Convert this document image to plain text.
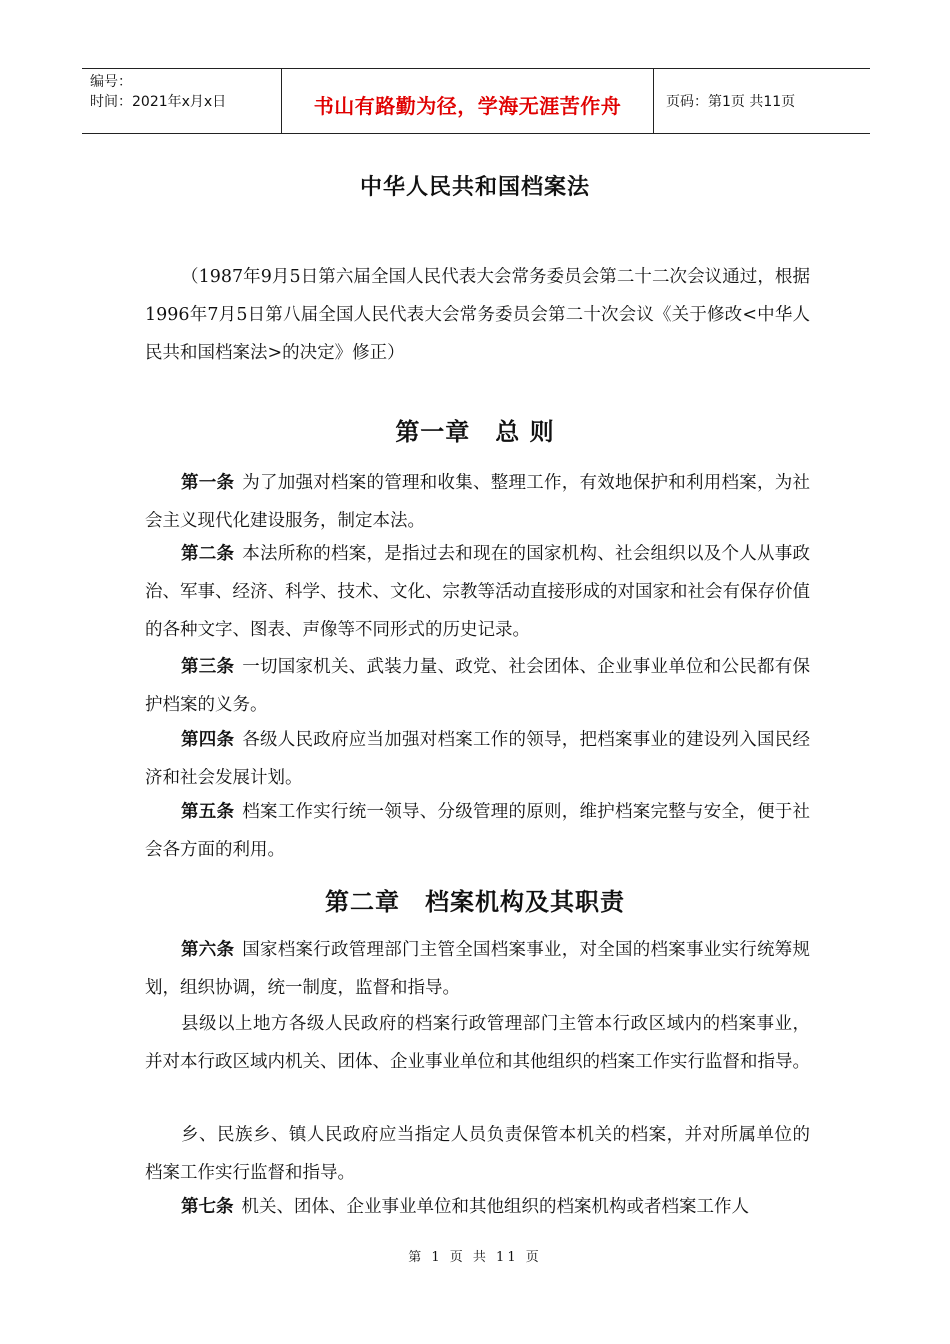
编号：
时间：2021年x月x日	书山有路勤为径，学海无涯苦作舟	页码：第1页 共11页
中华人民共和国档案法

（1987年9月5日第六届全国人民代表大会常务委员会第二十二次会议通过，根据1996年7月5日第八届全国人民代表大会常务委员会第二十次会议《关于修改<中华人民共和国档案法>的决定》修正）

第一章　总 则

第一条 为了加强对档案的管理和收集、整理工作，有效地保护和利用档案，为社会主义现代化建设服务，制定本法。

第二条 本法所称的档案，是指过去和现在的国家机构、社会组织以及个人从事政治、军事、经济、科学、技术、文化、宗教等活动直接形成的对国家和社会有保存价值的各种文字、图表、声像等不同形式的历史记录。

第三条 一切国家机关、武装力量、政党、社会团体、企业事业单位和公民都有保护档案的义务。

第四条 各级人民政府应当加强对档案工作的领导，把档案事业的建设列入国民经济和社会发展计划。

第五条 档案工作实行统一领导、分级管理的原则，维护档案完整与安全，便于社会各方面的利用。

第二章　档案机构及其职责

第六条 国家档案行政管理部门主管全国档案事业，对全国的档案事业实行统筹规划，组织协调，统一制度，监督和指导。

县级以上地方各级人民政府的档案行政管理部门主管本行政区域内的档案事业，并对本行政区域内机关、团体、企业事业单位和其他组织的档案工作实行监督和指导。

乡、民族乡、镇人民政府应当指定人员负责保管本机关的档案，并对所属单位的档案工作实行监督和指导。

第七条 机关、团体、企业事业单位和其他组织的档案机构或者档案工作人

第 1 页 共 11 页
